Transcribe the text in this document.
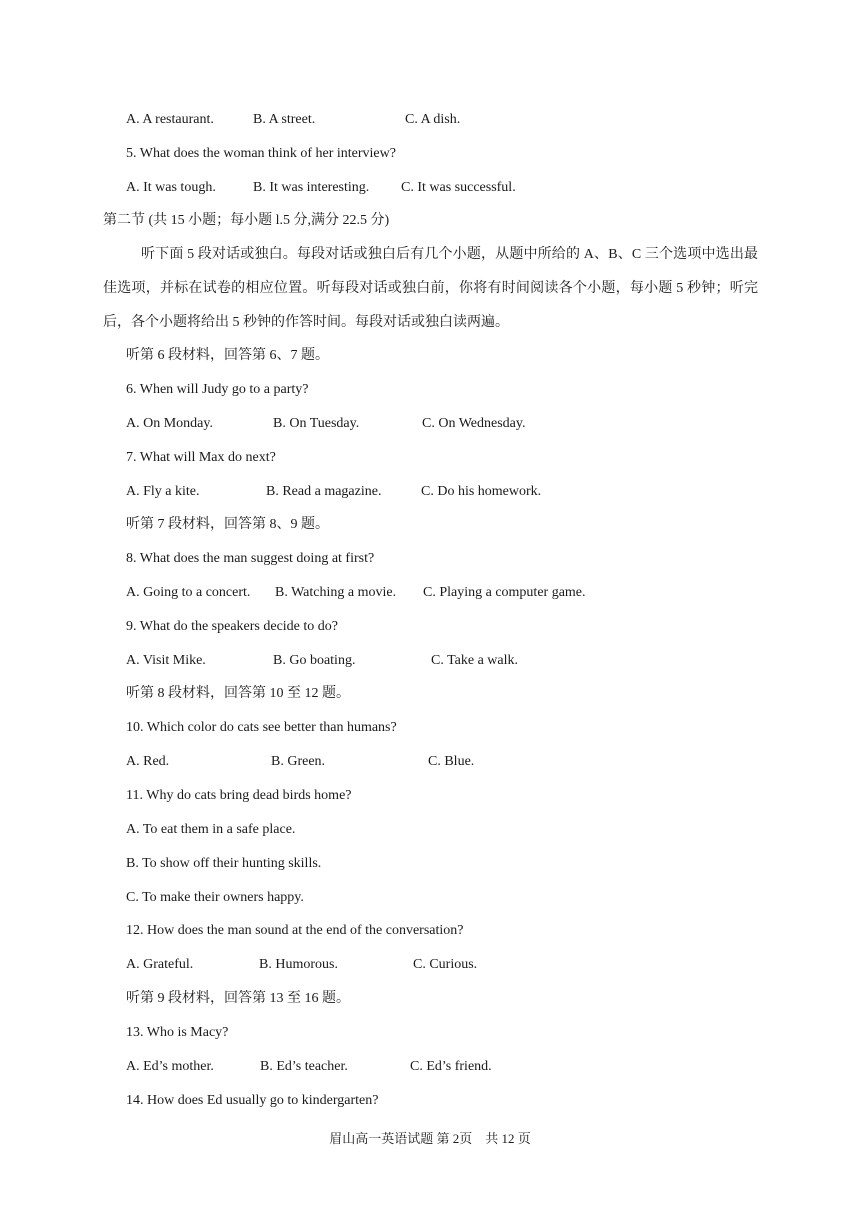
A. A restaurant.	B. A street.	C. A dish.
5. What does the woman think of her interview?
A. It was tough.	B. It was interesting. C. It was successful.
第二节 (共 15 小题；每小题 l.5 分,满分 22.5 分)
听下面 5 段对话或独白。每段对话或独白后有几个小题，从题中所给的 A、B、C 三个选项中选出最佳选项，并标在试卷的相应位置。听每段对话或独白前，你将有时间阅读各个小题，每小题 5 秒钟；听完后，各个小题将给出 5 秒钟的作答时间。每段对话或独白读两遍。
听第 6 段材料，回答第 6、7 题。
6. When will Judy go to a party?
A. On Monday.	B. On Tuesday.	C. On Wednesday.
7. What will Max do next?
A. Fly a kite.	B. Read a magazine.	C. Do his homework.
听第 7 段材料，回答第 8、9 题。
8. What does the man suggest doing at first?
A. Going to a concert. B. Watching a movie. C. Playing a computer game.
9. What do the speakers decide to do?
A. Visit Mike.	B. Go boating.	C. Take a walk.
听第 8 段材料，回答第 10 至 12 题。
10. Which color do cats see better than humans?
A. Red.	B. Green.	C. Blue.
11. Why do cats bring dead birds home?
A. To eat them in a safe place.
B. To show off their hunting skills.
C. To make their owners happy.
12. How does the man sound at the end of the conversation?
A. Grateful.	B. Humorous.	C. Curious.
听第 9 段材料，回答第 13 至 16 题。
13. Who is Macy?
A. Ed’s mother.	B. Ed’s teacher.	C. Ed’s friend.
14. How does Ed usually go to kindergarten?
眉山高一英语试题 第 2页　共 12 页
